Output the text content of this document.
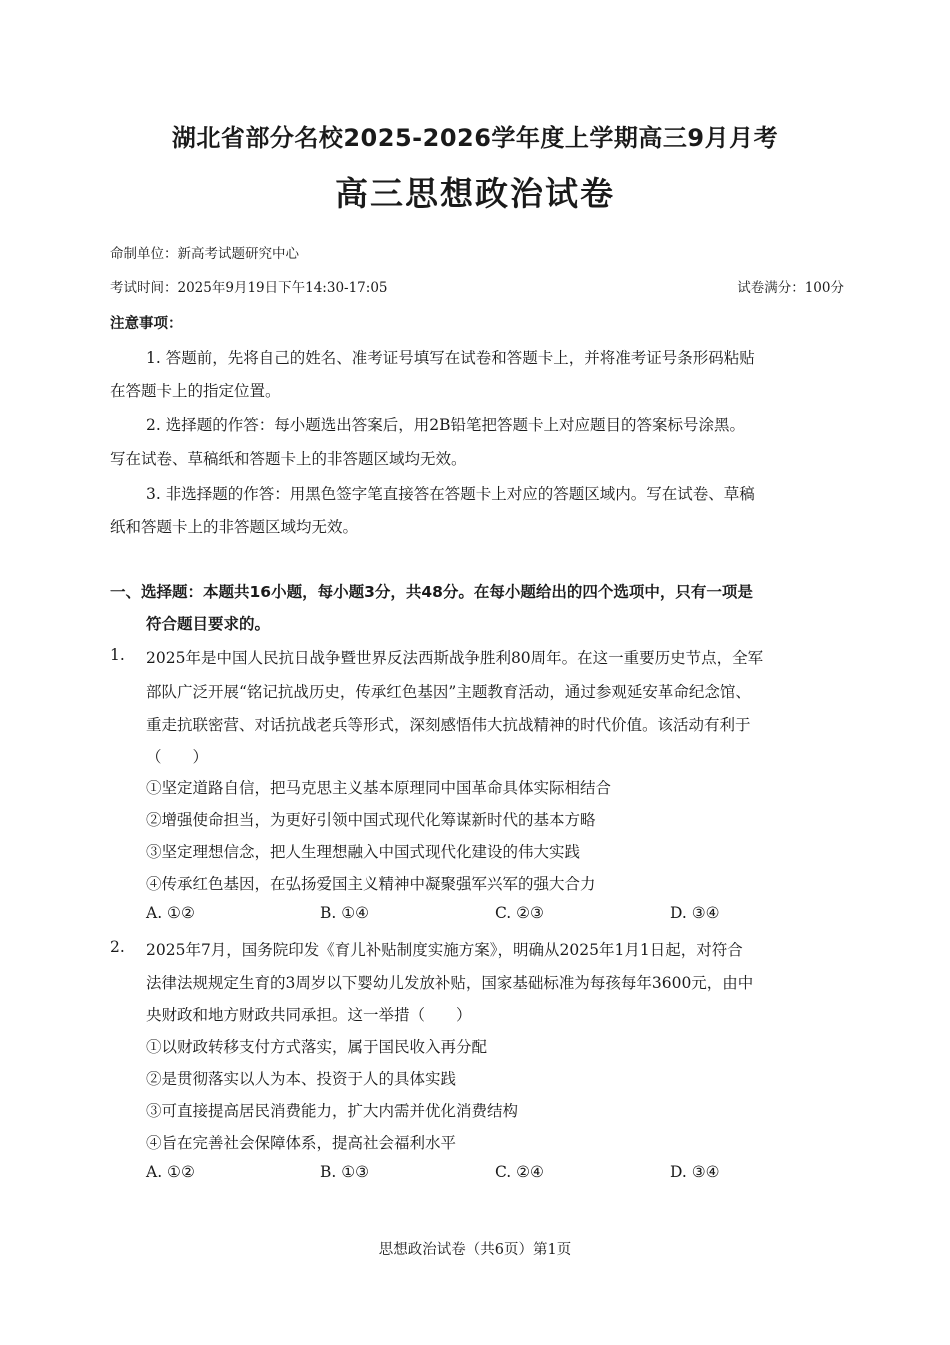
湖北省部分名校2025-2026学年度上学期高三9月月考
高三思想政治试卷
命制单位：新高考试题研究中心
考试时间：2025年9月19日下午14:30-17:05	试卷满分：100分
注意事项：
1. 答题前，先将自己的姓名、准考证号填写在试卷和答题卡上，并将准考证号条形码粘贴
在答题卡上的指定位置。
2. 选择题的作答：每小题选出答案后，用2B铅笔把答题卡上对应题目的答案标号涂黑。
写在试卷、草稿纸和答题卡上的非答题区域均无效。
3. 非选择题的作答：用黑色签字笔直接答在答题卡上对应的答题区域内。写在试卷、草稿
纸和答题卡上的非答题区域均无效。
一、选择题：本题共16小题，每小题3分，共48分。在每小题给出的四个选项中，只有一项是
符合题目要求的。
1. 2025年是中国人民抗日战争暨世界反法西斯战争胜利80周年。在这一重要历史节点，全军
部队广泛开展“铭记抗战历史，传承红色基因”主题教育活动，通过参观延安革命纪念馆、
重走抗联密营、对话抗战老兵等形式，深刻感悟伟大抗战精神的时代价值。该活动有利于
（　　）
①坚定道路自信，把马克思主义基本原理同中国革命具体实际相结合
②增强使命担当，为更好引领中国式现代化筹谋新时代的基本方略
③坚定理想信念，把人生理想融入中国式现代化建设的伟大实践
④传承红色基因，在弘扬爱国主义精神中凝聚强军兴军的强大合力
A. ①②	B. ①④	C. ②③	D. ③④
2. 2025年7月，国务院印发《育儿补贴制度实施方案》，明确从2025年1月1日起，对符合
法律法规规定生育的3周岁以下婴幼儿发放补贴，国家基础标准为每孩每年3600元，由中
央财政和地方财政共同承担。这一举措（　　）
①以财政转移支付方式落实，属于国民收入再分配
②是贯彻落实以人为本、投资于人的具体实践
③可直接提高居民消费能力，扩大内需并优化消费结构
④旨在完善社会保障体系，提高社会福利水平
A. ①②	B. ①③	C. ②④	D. ③④
思想政治试卷（共6页）第1页
